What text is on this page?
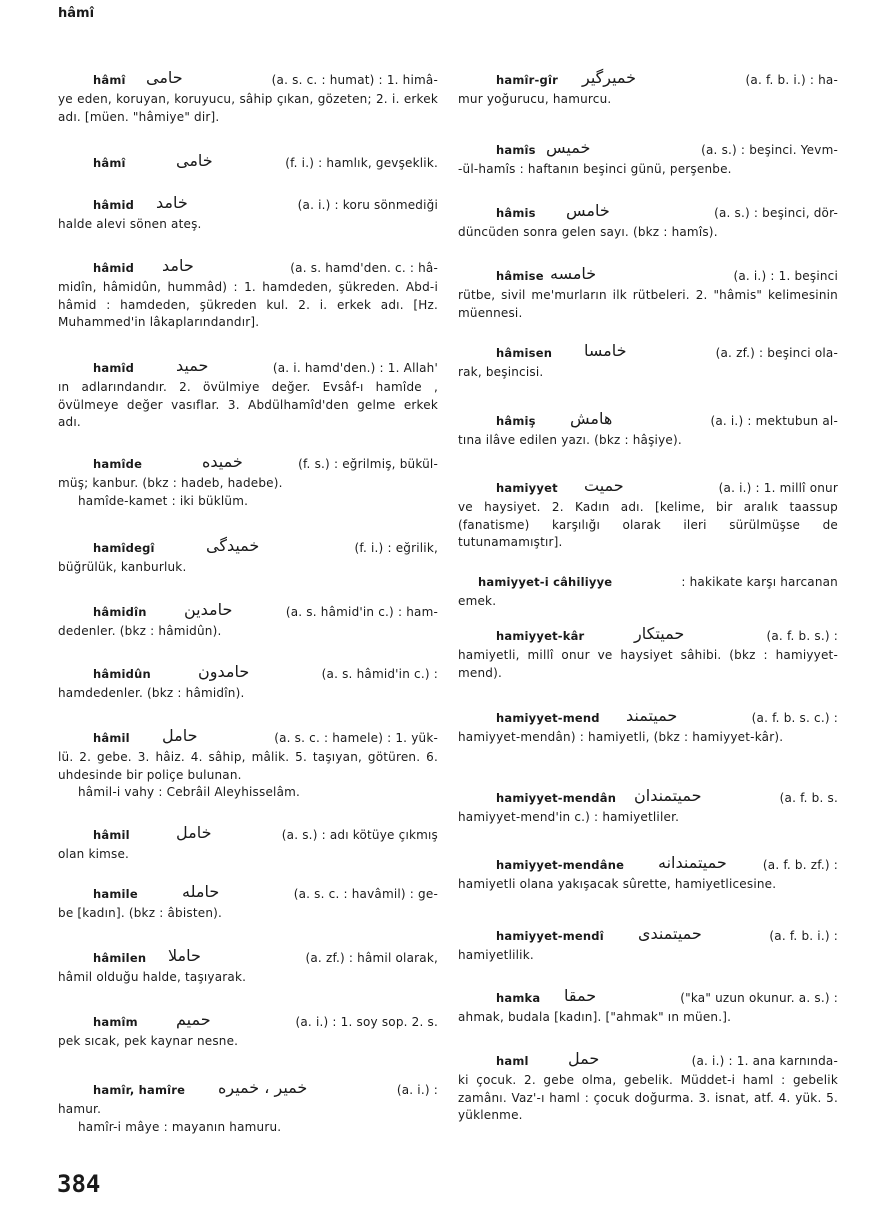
hâmî
hâmî حامى	(a. s. c. : humat) : 1. himâ-

ye eden, koruyan, koruyucu, sâhip çıkan, gözeten; 2. i. erkek adı. [müen. "hâmiye" dir].

hâmî	خامى	(f. i.) : hamlık, gevşeklik.
hâmid خامد	(a. i.) : koru sönmediği

halde alevi sönen ateş.

hâmid حامد	(a. s. hamd'den. c. : hâ-

midîn, hâmidûn, hummâd) : 1. hamdeden, şükreden. Abd-i hâmid : hamdeden, şükreden kul. 2. i. erkek adı. [Hz. Muhammed'in lâkaplarındandır].

hamîd	حميد	(a. i. hamd'den.) : 1. Allah'

ın adlarındandır. 2. övülmiye değer. Evsâf-ı hamîde , övülmeye değer vasıflar. 3. Abdülhamîd'den gelme erkek adı.

hamîde	خميده	(f. s.) : eğrilmiş, bükül-

müş; kanbur. (bkz : hadeb, hadebe).

hamîde-kamet : iki büklüm.

hamîdegî	خميدگى	(f. i.) : eğrilik,

büğrülük, kanburluk.

hâmidîn حامدين	(a. s. hâmid'in c.) : ham-

dedenler. (bkz : hâmidûn).

hâmidûn	حامدون	(a. s. hâmid'in c.) :

hamdedenler. (bkz : hâmidîn).

hâmil حامل	(a. s. c. : hamele) : 1. yük-

lü. 2. gebe. 3. hâiz. 4. sâhip, mâlik. 5. taşıyan, götüren. 6. uhdesinde bir poliçe bulunan.

hâmil-i vahy : Cebrâil Aleyhisselâm.

hâmil	خامل	(a. s.) : adı kötüye çıkmış

olan kimse.

hamile	حامله	(a. s. c. : havâmil) : ge-

be [kadın]. (bkz : âbisten).

hâmilen حاملا	(a. zf.) : hâmil olarak,

hâmil olduğu halde, taşıyarak.

hamîm حميم	(a. i.) : 1. soy sop. 2. s.

pek sıcak, pek kaynar nesne.

hamîr, hamîre خمير ، خميره	(a. i.) :

hamur.

hamîr-i mâye : mayanın hamuru.

hamîr-gîr خميرگير	(a. f. b. i.) : ha-

mur yoğurucu, hamurcu.

hamîs خميس	(a. s.) : beşinci. Yevm-

-ül-hamîs : haftanın beşinci günü, perşenbe.

hâmis خامس	(a. s.) : beşinci, dör-

düncüden sonra gelen sayı. (bkz : hamîs).

hâmise خامسه	(a. i.) : 1. beşinci

rütbe, sivil me'murların ilk rütbeleri. 2. "hâmis" kelimesinin müennesi.

hâmisen خامسا	(a. zf.) : beşinci ola-

rak, beşincisi.

hâmiş هامش	(a. i.) : mektubun al-

tına ilâve edilen yazı. (bkz : hâşiye).

hamiyyet حميت	(a. i.) : 1. millî onur

ve haysiyet. 2. Kadın adı. [kelime, bir aralık taassup (fanatisme) karşılığı olarak ileri sürülmüşse de tutunamamıştır].

hamiyyet-i câhiliyye	: hakikate karşı harcanan

emek.

hamiyyet-kâr	حميتكار	(a. f. b. s.) :

hamiyetli, millî onur ve haysiyet sâhibi. (bkz : hamiyyet-mend).

hamiyyet-mend حميتمند	(a. f. b. s. c.) :

hamiyyet-mendân) : hamiyetli, (bkz : hamiyyet-kâr).

hamiyyet-mendân حميتمندان	(a. f. b. s.

hamiyyet-mend'in c.) : hamiyetliler.

hamiyyet-mendâne حميتمندانه	(a. f. b. zf.) :

hamiyetli olana yakışacak sûrette, hamiyetlicesine.

hamiyyet-mendî حميتمندى	(a. f. b. i.) :

hamiyetlilik.

hamka حمقا	("ka" uzun okunur. a. s.) :

ahmak, budala [kadın]. ["ahmak" ın müen.].

haml حمل	(a. i.) : 1. ana karnında-

ki çocuk. 2. gebe olma, gebelik. Müddet-i haml : gebelik zamânı. Vaz'-ı haml : çocuk doğurma. 3. isnat, atf. 4. yük. 5. yüklenme.

384
